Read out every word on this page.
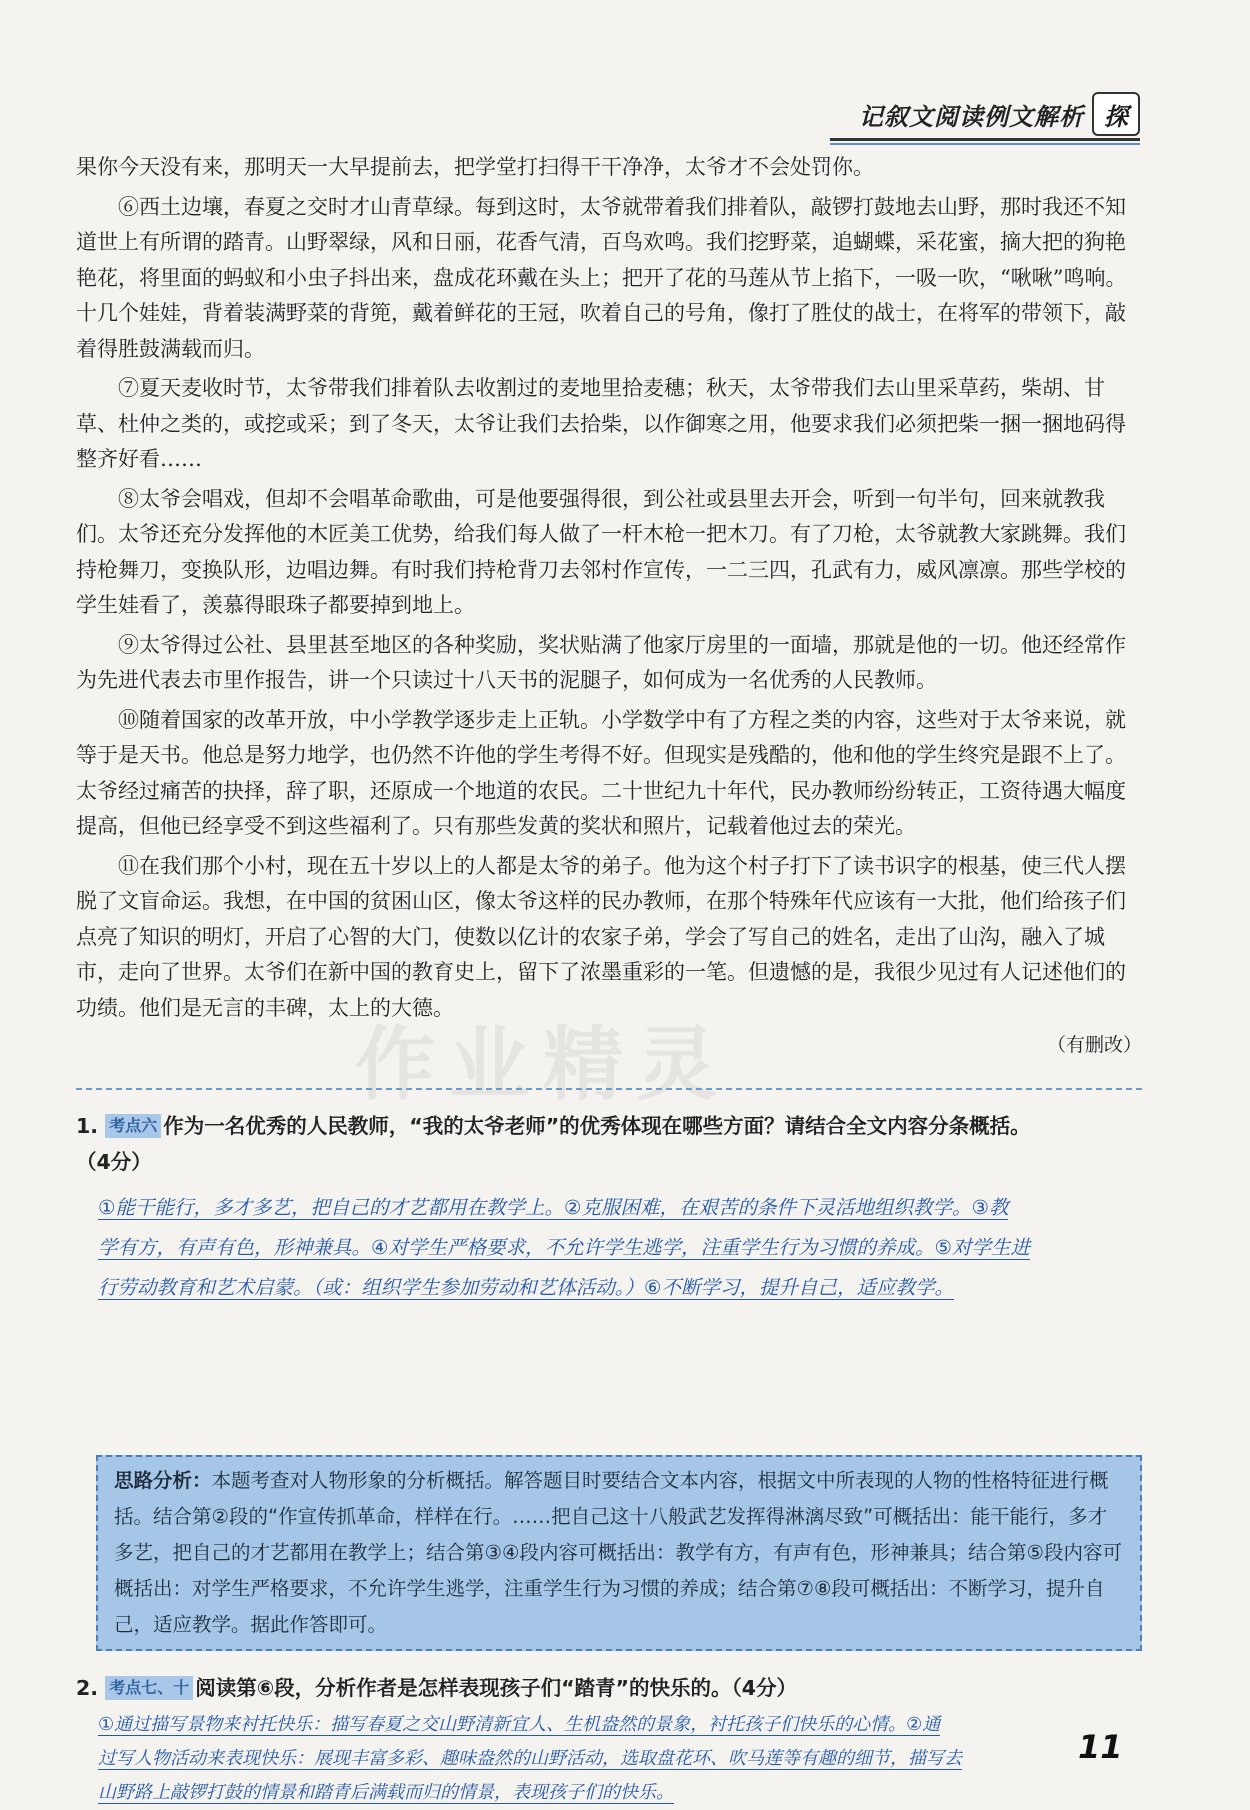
记叙文阅读例文解析 探
作业精灵

果你今天没有来，那明天一大早提前去，把学堂打扫得干干净净，太爷才不会处罚你。

⑥西土边壤，春夏之交时才山青草绿。每到这时，太爷就带着我们排着队，敲锣打鼓地去山野，那时我还不知道世上有所谓的踏青。山野翠绿，风和日丽，花香气清，百鸟欢鸣。我们挖野菜，追蝴蝶，采花蜜，摘大把的狗艳艳花，将里面的蚂蚁和小虫子抖出来，盘成花环戴在头上；把开了花的马莲从节上掐下，一吸一吹，“啾啾”鸣响。十几个娃娃，背着装满野菜的背篼，戴着鲜花的王冠，吹着自己的号角，像打了胜仗的战士，在将军的带领下，敲着得胜鼓满载而归。

⑦夏天麦收时节，太爷带我们排着队去收割过的麦地里拾麦穗；秋天，太爷带我们去山里采草药，柴胡、甘草、杜仲之类的，或挖或采；到了冬天，太爷让我们去拾柴，以作御寒之用，他要求我们必须把柴一捆一捆地码得整齐好看……

⑧太爷会唱戏，但却不会唱革命歌曲，可是他要强得很，到公社或县里去开会，听到一句半句，回来就教我们。太爷还充分发挥他的木匠美工优势，给我们每人做了一杆木枪一把木刀。有了刀枪，太爷就教大家跳舞。我们持枪舞刀，变换队形，边唱边舞。有时我们持枪背刀去邻村作宣传，一二三四，孔武有力，威风凛凛。那些学校的学生娃看了，羡慕得眼珠子都要掉到地上。

⑨太爷得过公社、县里甚至地区的各种奖励，奖状贴满了他家厅房里的一面墙，那就是他的一切。他还经常作为先进代表去市里作报告，讲一个只读过十八天书的泥腿子，如何成为一名优秀的人民教师。

⑩随着国家的改革开放，中小学教学逐步走上正轨。小学数学中有了方程之类的内容，这些对于太爷来说，就等于是天书。他总是努力地学，也仍然不许他的学生考得不好。但现实是残酷的，他和他的学生终究是跟不上了。太爷经过痛苦的抉择，辞了职，还原成一个地道的农民。二十世纪九十年代，民办教师纷纷转正，工资待遇大幅度提高，但他已经享受不到这些福利了。只有那些发黄的奖状和照片，记载着他过去的荣光。

⑪在我们那个小村，现在五十岁以上的人都是太爷的弟子。他为这个村子打下了读书识字的根基，使三代人摆脱了文盲命运。我想，在中国的贫困山区，像太爷这样的民办教师，在那个特殊年代应该有一大批，他们给孩子们点亮了知识的明灯，开启了心智的大门，使数以亿计的农家子弟，学会了写自己的姓名，走出了山沟，融入了城市，走向了世界。太爷们在新中国的教育史上，留下了浓墨重彩的一笔。但遗憾的是，我很少见过有人记述他们的功绩。他们是无言的丰碑，太上的大德。

（有删改）
1. 考点六 作为一名优秀的人民教师，“我的太爷老师”的优秀体现在哪些方面？请结合全文内容分条概括。
（4分）
①能干能行，多才多艺，把自己的才艺都用在教学上。②克服困难，在艰苦的条件下灵活地组织教学。③教
学有方，有声有色，形神兼具。④对学生严格要求，不允许学生逃学，注重学生行为习惯的养成。⑤对学生进
行劳动教育和艺术启蒙。（或：组织学生参加劳动和艺体活动。）⑥不断学习，提升自己，适应教学。
思路分析：本题考查对人物形象的分析概括。解答题目时要结合文本内容，根据文中所表现的人物的性格特征进行概括。结合第②段的“作宣传抓革命，样样在行。……把自己这十八般武艺发挥得淋漓尽致”可概括出：能干能行，多才多艺，把自己的才艺都用在教学上；结合第③④段内容可概括出：教学有方，有声有色，形神兼具；结合第⑤段内容可概括出：对学生严格要求，不允许学生逃学，注重学生行为习惯的养成；结合第⑦⑧段可概括出：不断学习，提升自己，适应教学。据此作答即可。
2. 考点七、十 阅读第⑥段，分析作者是怎样表现孩子们“踏青”的快乐的。（4分）
①通过描写景物来衬托快乐：描写春夏之交山野清新宜人、生机盎然的景象，衬托孩子们快乐的心情。②通
过写人物活动来表现快乐：展现丰富多彩、趣味盎然的山野活动，选取盘花环、吹马莲等有趣的细节，描写去
山野路上敲锣打鼓的情景和踏青后满载而归的情景，表现孩子们的快乐。
11
